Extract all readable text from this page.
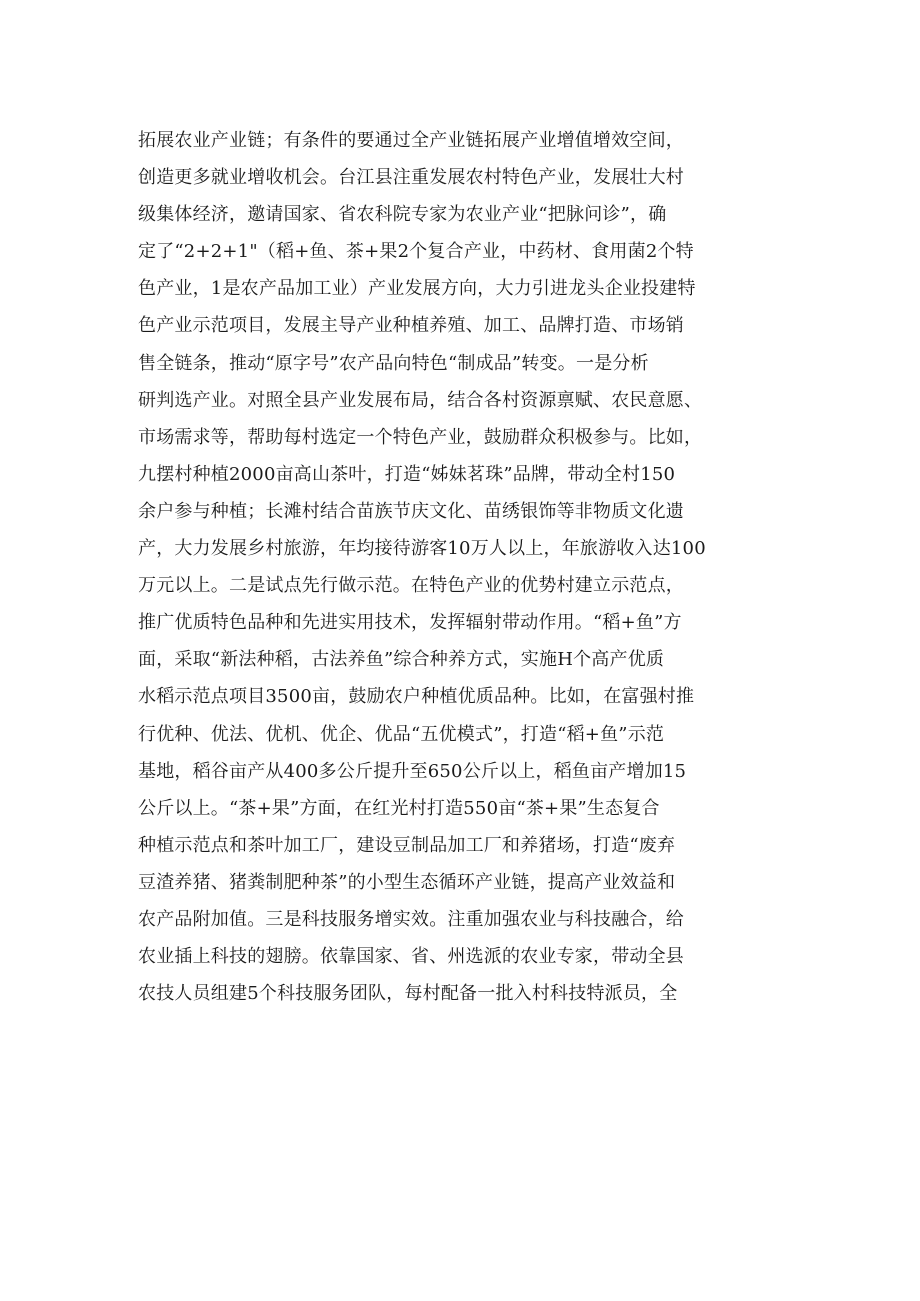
拓展农业产业链；有条件的要通过全产业链拓展产业增值增效空间，
创造更多就业增收机会。台江县注重发展农村特色产业，发展壮大村
级集体经济，邀请国家、省农科院专家为农业产业“把脉问诊”，确
定了“2+2+1"（稻+鱼、茶+果2个复合产业，中药材、食用菌2个特
色产业，1是农产品加工业）产业发展方向，大力引进龙头企业投建特
色产业示范项目，发展主导产业种植养殖、加工、品牌打造、市场销
售全链条，推动“原字号”农产品向特色“制成品”转变。一是分析
研判选产业。对照全县产业发展布局，结合各村资源禀赋、农民意愿、
市场需求等，帮助每村选定一个特色产业，鼓励群众积极参与。比如，
九摆村种植2000亩高山茶叶，打造“姊妹茗珠”品牌，带动全村150
余户参与种植；长滩村结合苗族节庆文化、苗绣银饰等非物质文化遗
产，大力发展乡村旅游，年均接待游客10万人以上，年旅游收入达100
万元以上。二是试点先行做示范。在特色产业的优势村建立示范点，
推广优质特色品种和先进实用技术，发挥辐射带动作用。“稻+鱼”方
面，采取“新法种稻，古法养鱼”综合种养方式，实施H个高产优质
水稻示范点项目3500亩，鼓励农户种植优质品种。比如，在富强村推
行优种、优法、优机、优企、优品“五优模式”，打造“稻+鱼”示范
基地，稻谷亩产从400多公斤提升至650公斤以上，稻鱼亩产增加15
公斤以上。“茶+果”方面，在红光村打造550亩“茶+果”生态复合
种植示范点和茶叶加工厂，建设豆制品加工厂和养猪场，打造“废弃
豆渣养猪、猪粪制肥种茶”的小型生态循环产业链，提高产业效益和
农产品附加值。三是科技服务增实效。注重加强农业与科技融合，给
农业插上科技的翅膀。依靠国家、省、州选派的农业专家，带动全县
农技人员组建5个科技服务团队，每村配备一批入村科技特派员，全
